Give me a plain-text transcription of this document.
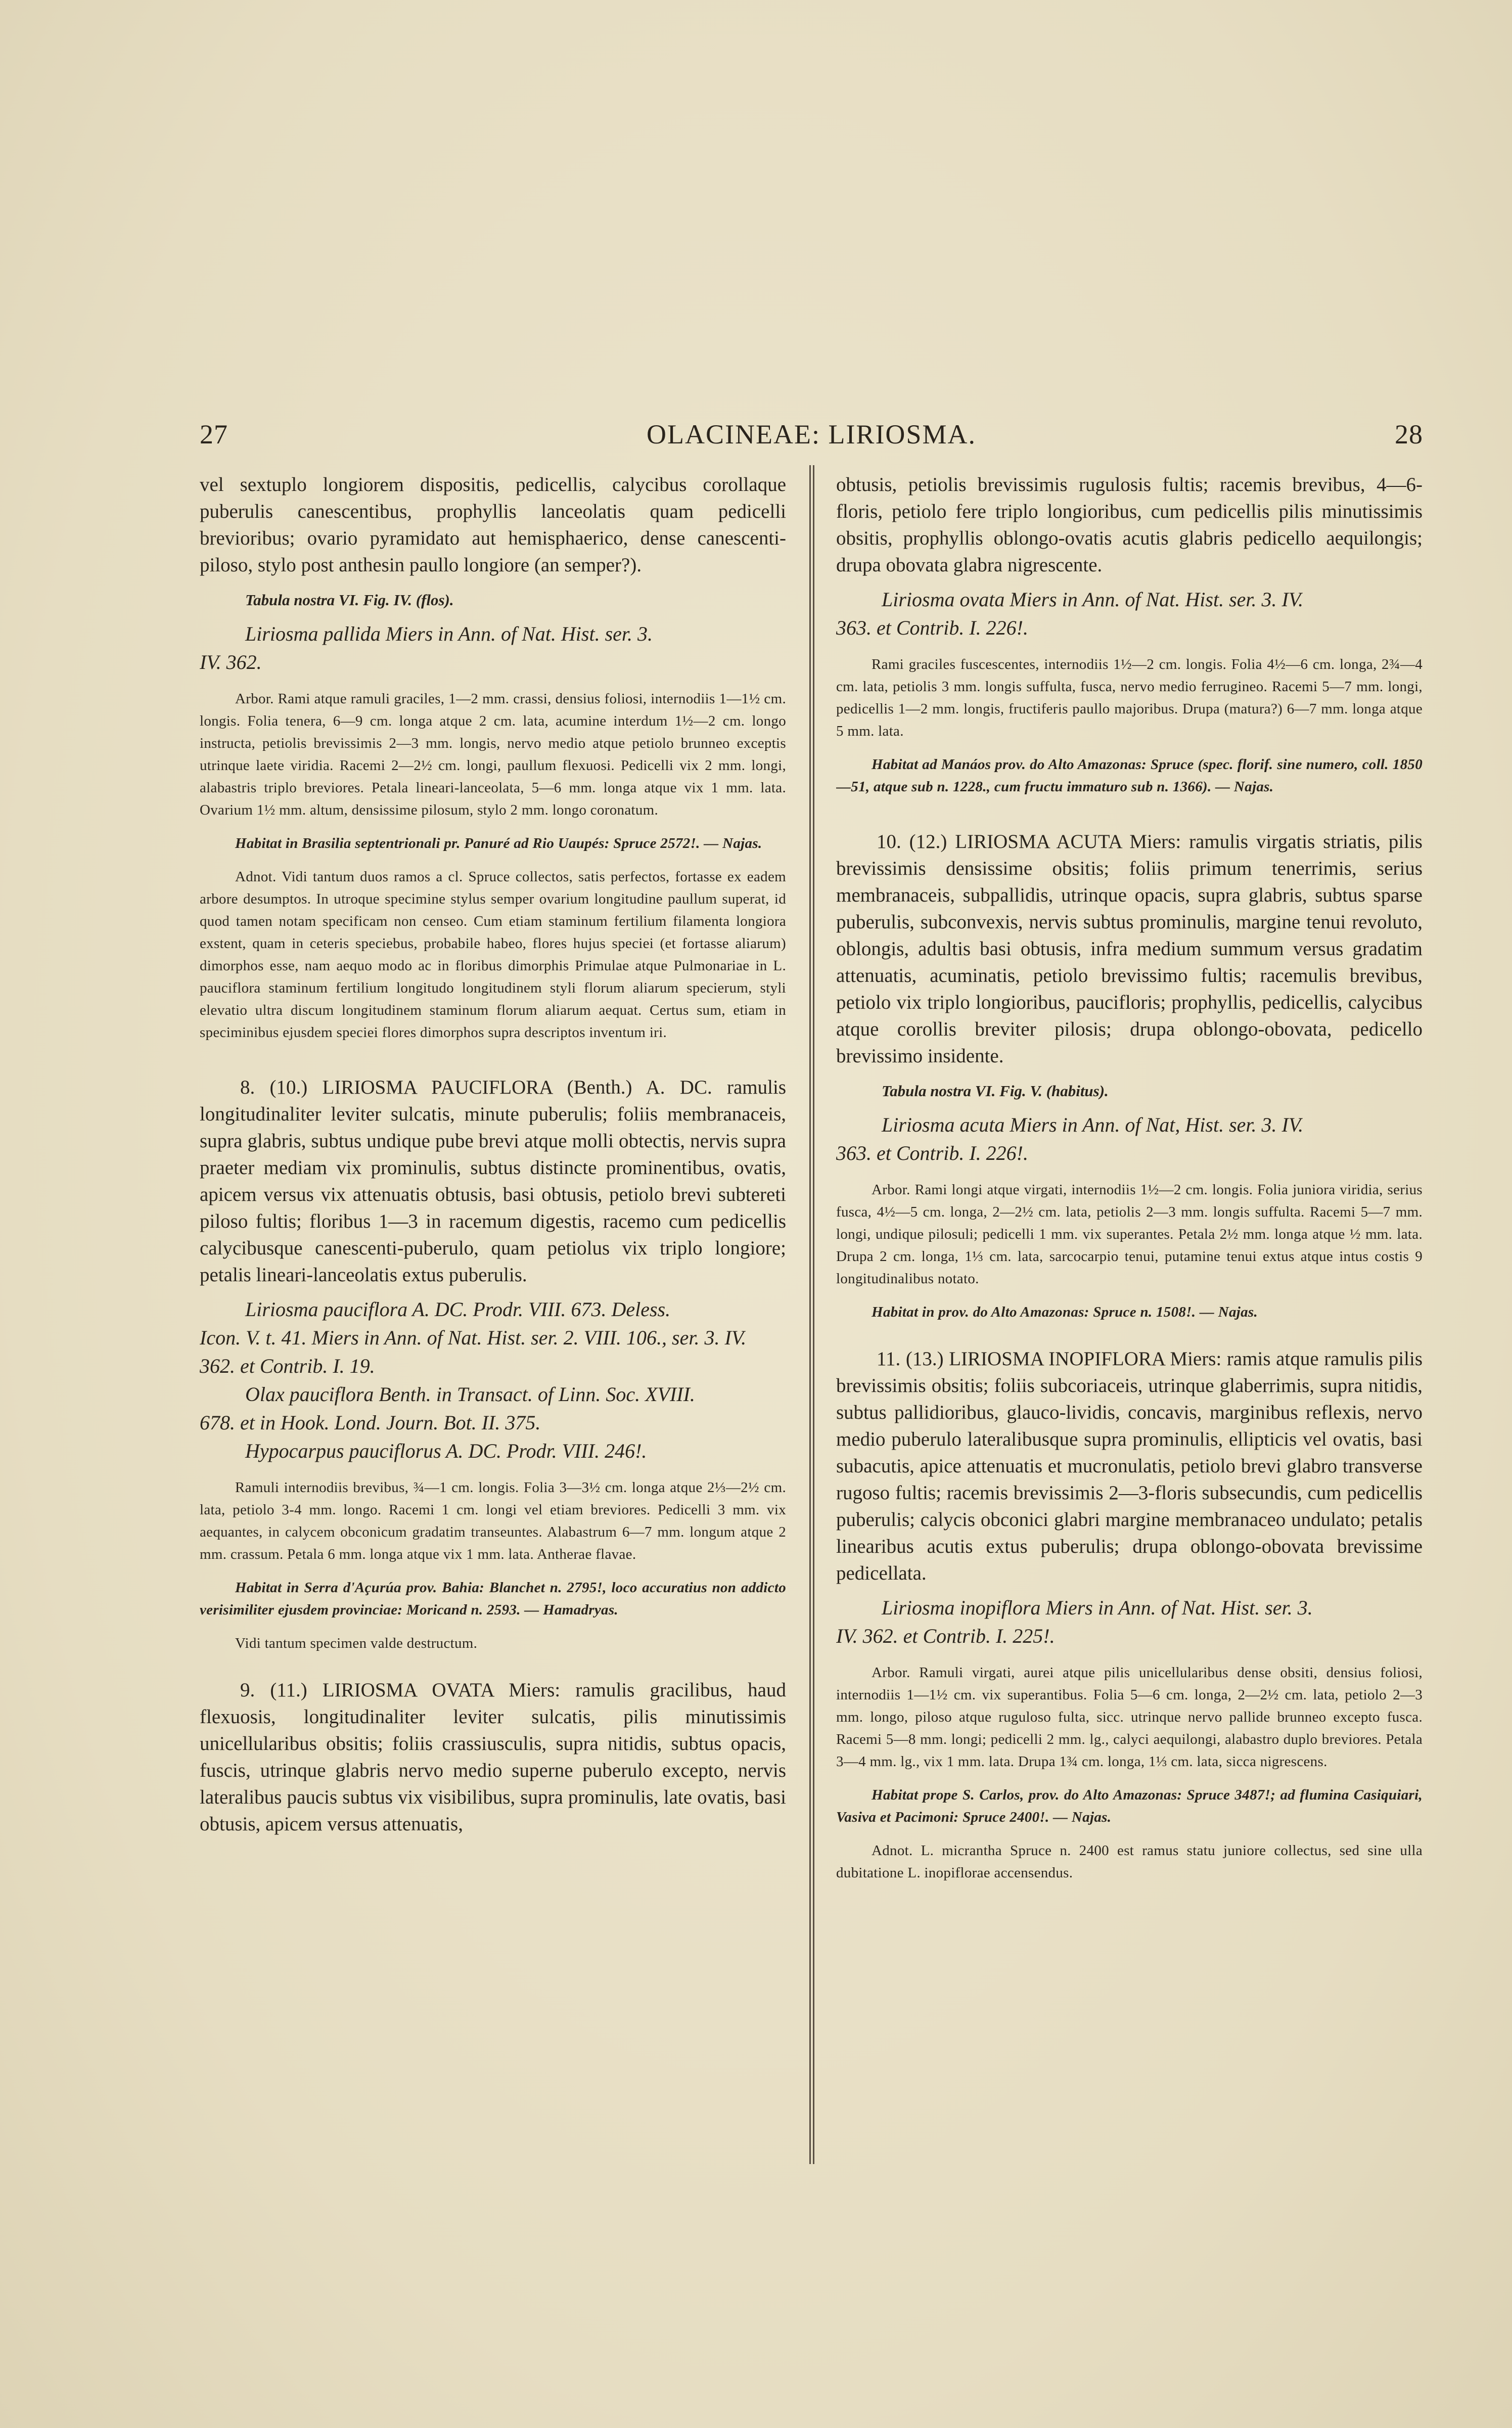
27	OLACINEAE: LIRIOSMA.	28

vel sextuplo longiorem dispositis, pedicellis, calycibus corollaque puberulis canescentibus, prophyllis lanceolatis quam pedicelli brevioribus; ovario pyramidato aut hemisphaerico, dense canescenti-piloso, stylo post anthesin paullo longiore (an semper?).

Tabula nostra VI. Fig. IV. (flos).

Liriosma pallida Miers in Ann. of Nat. Hist. ser. 3.
IV. 362.

Arbor. Rami atque ramuli graciles, 1—2 mm. crassi, densius foliosi, internodiis 1—1½ cm. longis. Folia tenera, 6—9 cm. longa atque 2 cm. lata, acumine interdum 1½—2 cm. longo instructa, petiolis brevissimis 2—3 mm. longis, nervo medio atque petiolo brunneo exceptis utrinque laete viridia. Racemi 2—2½ cm. longi, paullum flexuosi. Pedicelli vix 2 mm. longi, alabastris triplo breviores. Petala lineari-lanceolata, 5—6 mm. longa atque vix 1 mm. lata. Ovarium 1½ mm. altum, densissime pilosum, stylo 2 mm. longo coronatum.

Habitat in Brasilia septentrionali pr. Panuré ad Rio Uaupés: Spruce 2572!. — Najas.

Adnot. Vidi tantum duos ramos a cl. Spruce collectos, satis perfectos, fortasse ex eadem arbore desumptos. In utroque specimine stylus semper ovarium longitudine paullum superat, id quod tamen notam specificam non censeo. Cum etiam staminum fertilium filamenta longiora exstent, quam in ceteris speciebus, probabile habeo, flores hujus speciei (et fortasse aliarum) dimorphos esse, nam aequo modo ac in floribus dimorphis Primulae atque Pulmonariae in L. pauciflora staminum fertilium longitudo longitudinem styli florum aliarum specierum, styli elevatio ultra discum longitudinem staminum florum aliarum aequat. Certus sum, etiam in speciminibus ejusdem speciei flores dimorphos supra descriptos inventum iri.

8. (10.) LIRIOSMA PAUCIFLORA (Benth.) A. DC. ramulis longitudinaliter leviter sulcatis, minute puberulis; foliis membranaceis, supra glabris, subtus undique pube brevi atque molli obtectis, nervis supra praeter mediam vix prominulis, subtus distincte prominentibus, ovatis, apicem versus vix attenuatis obtusis, basi obtusis, petiolo brevi subtereti piloso fultis; floribus 1—3 in racemum digestis, racemo cum pedicellis calycibusque canescenti-puberulo, quam petiolus vix triplo longiore; petalis lineari-lanceolatis extus puberulis.

Liriosma pauciflora A. DC. Prodr. VIII. 673. Deless.
Icon. V. t. 41. Miers in Ann. of Nat. Hist. ser. 2. VIII. 106., ser. 3. IV. 362. et Contrib. I. 19.
Olax pauciflora Benth. in Transact. of Linn. Soc. XVIII.
678. et in Hook. Lond. Journ. Bot. II. 375.
Hypocarpus pauciflorus A. DC. Prodr. VIII. 246!.

Ramuli internodiis brevibus, ¾—1 cm. longis. Folia 3—3½ cm. longa atque 2⅓—2½ cm. lata, petiolo 3-4 mm. longo. Racemi 1 cm. longi vel etiam breviores. Pedicelli 3 mm. vix aequantes, in calycem obconicum gradatim transeuntes. Alabastrum 6—7 mm. longum atque 2 mm. crassum. Petala 6 mm. longa atque vix 1 mm. lata. Antherae flavae.

Habitat in Serra d'Açurúa prov. Bahia: Blanchet n. 2795!, loco accuratius non addicto verisimiliter ejusdem provinciae: Moricand n. 2593. — Hamadryas.

Vidi tantum specimen valde destructum.

9. (11.) LIRIOSMA OVATA Miers: ramulis gracilibus, haud flexuosis, longitudinaliter leviter sulcatis, pilis minutissimis unicellularibus obsitis; foliis crassiusculis, supra nitidis, subtus opacis, fuscis, utrinque glabris nervo medio superne puberulo excepto, nervis lateralibus paucis subtus vix visibilibus, supra prominulis, late ovatis, basi obtusis, apicem versus attenuatis,

obtusis, petiolis brevissimis rugulosis fultis; racemis brevibus, 4—6-floris, petiolo fere triplo longioribus, cum pedicellis pilis minutissimis obsitis, prophyllis oblongo-ovatis acutis glabris pedicello aequilongis; drupa obovata glabra nigrescente.

Liriosma ovata Miers in Ann. of Nat. Hist. ser. 3. IV.
363. et Contrib. I. 226!.

Rami graciles fuscescentes, internodiis 1½—2 cm. longis. Folia 4½—6 cm. longa, 2¾—4 cm. lata, petiolis 3 mm. longis suffulta, fusca, nervo medio ferrugineo. Racemi 5—7 mm. longi, pedicellis 1—2 mm. longis, fructiferis paullo majoribus. Drupa (matura?) 6—7 mm. longa atque 5 mm. lata.

Habitat ad Manáos prov. do Alto Amazonas: Spruce (spec. florif. sine numero, coll. 1850—51, atque sub n. 1228., cum fructu immaturo sub n. 1366). — Najas.

10. (12.) LIRIOSMA ACUTA Miers: ramulis virgatis striatis, pilis brevissimis densissime obsitis; foliis primum tenerrimis, serius membranaceis, subpallidis, utrinque opacis, supra glabris, subtus sparse puberulis, subconvexis, nervis subtus prominulis, margine tenui revoluto, oblongis, adultis basi obtusis, infra medium summum versus gradatim attenuatis, acuminatis, petiolo brevissimo fultis; racemulis brevibus, petiolo vix triplo longioribus, paucifloris; prophyllis, pedicellis, calycibus atque corollis breviter pilosis; drupa oblongo-obovata, pedicello brevissimo insidente.

Tabula nostra VI. Fig. V. (habitus).

Liriosma acuta Miers in Ann. of Nat, Hist. ser. 3. IV.
363. et Contrib. I. 226!.

Arbor. Rami longi atque virgati, internodiis 1½—2 cm. longis. Folia juniora viridia, serius fusca, 4½—5 cm. longa, 2—2½ cm. lata, petiolis 2—3 mm. longis suffulta. Racemi 5—7 mm. longi, undique pilosuli; pedicelli 1 mm. vix superantes. Petala 2½ mm. longa atque ½ mm. lata. Drupa 2 cm. longa, 1⅓ cm. lata, sarcocarpio tenui, putamine tenui extus atque intus costis 9 longitudinalibus notato.

Habitat in prov. do Alto Amazonas: Spruce n. 1508!. — Najas.

11. (13.) LIRIOSMA INOPIFLORA Miers: ramis atque ramulis pilis brevissimis obsitis; foliis subcoriaceis, utrinque glaberrimis, supra nitidis, subtus pallidioribus, glauco-lividis, concavis, marginibus reflexis, nervo medio puberulo lateralibusque supra prominulis, ellipticis vel ovatis, basi subacutis, apice attenuatis et mucronulatis, petiolo brevi glabro transverse rugoso fultis; racemis brevissimis 2—3-floris subsecundis, cum pedicellis puberulis; calycis obconici glabri margine membranaceo undulato; petalis linearibus acutis extus puberulis; drupa oblongo-obovata brevissime pedicellata.

Liriosma inopiflora Miers in Ann. of Nat. Hist. ser. 3.
IV. 362. et Contrib. I. 225!.

Arbor. Ramuli virgati, aurei atque pilis unicellularibus dense obsiti, densius foliosi, internodiis 1—1½ cm. vix superantibus. Folia 5—6 cm. longa, 2—2½ cm. lata, petiolo 2—3 mm. longo, piloso atque ruguloso fulta, sicc. utrinque nervo pallide brunneo excepto fusca. Racemi 5—8 mm. longi; pedicelli 2 mm. lg., calyci aequilongi, alabastro duplo breviores. Petala 3—4 mm. lg., vix 1 mm. lata. Drupa 1¾ cm. longa, 1⅓ cm. lata, sicca nigrescens.

Habitat prope S. Carlos, prov. do Alto Amazonas: Spruce 3487!; ad flumina Casiquiari, Vasiva et Pacimoni: Spruce 2400!. — Najas.

Adnot. L. micrantha Spruce n. 2400 est ramus statu juniore collectus, sed sine ulla dubitatione L. inopiflorae accensendus.
